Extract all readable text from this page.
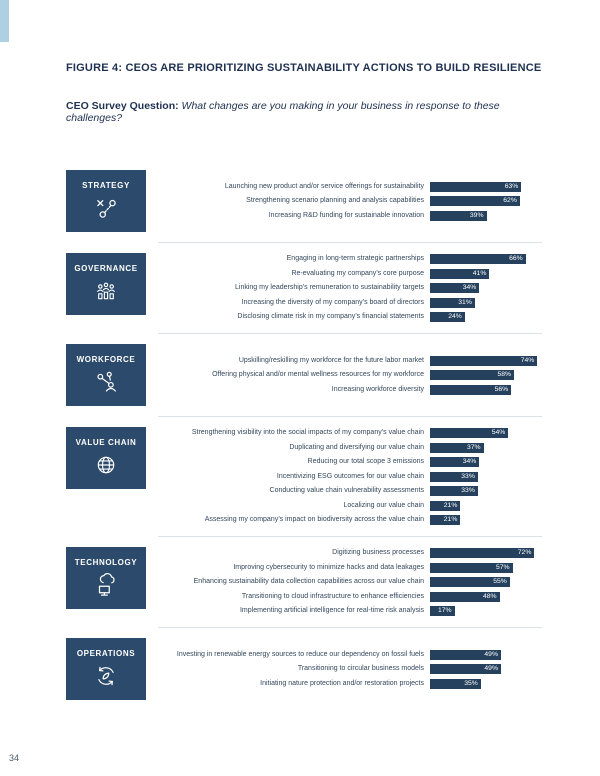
FIGURE 4: CEOS ARE PRIORITIZING SUSTAINABILITY ACTIONS TO BUILD RESILIENCE
CEO Survey Question: What changes are you making in your business in response to these challenges?
STRATEGY	Launching new product and/or service offerings for sustainability	63%
Strengthening scenario planning and analysis capabilities	62%
Increasing R&D funding for sustainable innovation	39%
GOVERNANCE
Engaging in long-term strategic partnerships	66%
Re-evaluating my company’s core purpose	41%
Linking my leadership’s remuneration to sustainability targets	34%
Increasing the diversity of my company’s board of directors	31%
Disclosing climate risk in my company’s financial statements	24%
WORKFORCE	Upskilling/reskilling my workforce for the future labor market	74%
Offering physical and/or mental wellness resources for my workforce	58%
Increasing workforce diversity	56%
VALUE CHAIN
Strengthening visibility into the social impacts of my company’s value chain	54%
Duplicating and diversifying our value chain	37%
Reducing our total scope 3 emissions	34%
Incentivizing ESG outcomes for our value chain	33%
Conducting value chain vulnerability assessments	33%
Localizing our value chain	21%
Assessing my company’s impact on biodiversity across the value chain	21%
TECHNOLOGY
Digitizing business processes	72%
Improving cybersecurity to minimize hacks and data leakages	57%
Enhancing sustainability data collection capabilities across our value chain	55%
Transitioning to cloud infrastructure to enhance efficiencies	48%
Implementing artificial intelligence for real-time risk analysis	17%
OPERATIONS	Investing in renewable energy sources to reduce our dependency on fossil fuels	49%
Transitioning to circular business models	49%
Initiating nature protection and/or restoration projects	35%
34
